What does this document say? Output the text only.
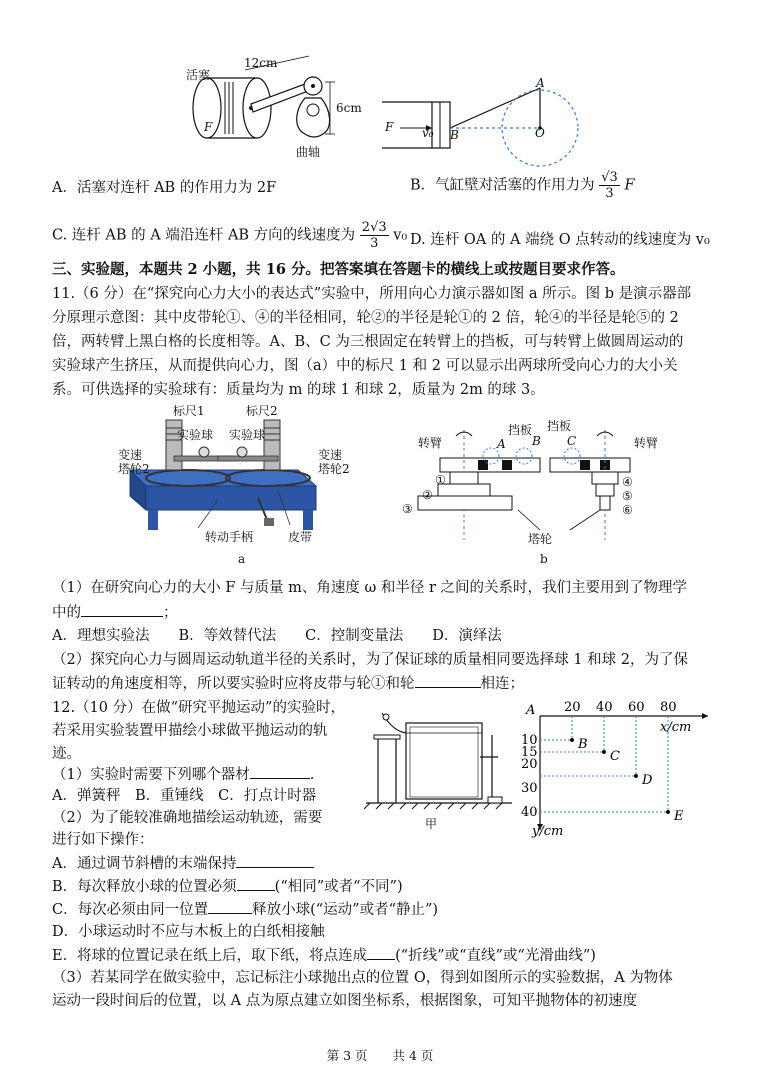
活塞
12cm
6cm
F
曲轴
F v₀ B
A
O
A．活塞对连杆 AB 的作用力为 2F	B．气缸壁对活塞的作用力为 $\frac{√3}{3}$ F
C. 连杆 AB 的 A 端沿连杆 AB 方向的线速度为 $\frac{2√3}{3} v_0$ D. 连杆 OA 的 A 端绕 O 点转动的线速度为 v₀
三、实验题，本题共 2 小题，共 16 分。把答案填在答题卡的横线上或按题目要求作答。
11.（6 分）在“探究向心力大小的表达式”实验中，所用向心力演示器如图 a 所示。图 b 是演示器部
分原理示意图：其中皮带轮①、④的半径相同，轮②的半径是轮①的 2 倍，轮④的半径是轮⑤的 2
倍，两转臂上黑白格的长度相等。A、B、C 为三根固定在转臂上的挡板，可与转臂上做圆周运动的
实验球产生挤压，从而提供向心力，图（a）中的标尺 1 和 2 可以显示出两球所受向心力的大小关
系。可供选择的实验球有：质量均为 m 的球 1 和球 2，质量为 2m 的球 3。
标尺1	标尺2
实验球 实验球
变速
塔轮2
变速
塔轮2
转动手柄	皮带
a
转臂	转臂
挡板 挡板
A B C
①
②
③
④
⑤
⑥
塔轮
b
（1）在研究向心力的大小 F 与质量 m、角速度 ω 和半径 r 之间的关系时，我们主要用到了物理学
中的	；
A．理想实验法　　B．等效替代法　　C．控制变量法　　D．演绎法
（2）探究向心力与圆周运动轨道半径的关系时，为了保证球的质量相同要选择球 1 和球 2，为了保
证转动的角速度相等，所以要实验时应将皮带与轮①和轮	相连；
12.（10 分）在做“研究平抛运动”的实验时，
若采用实验装置甲描绘小球做平抛运动的轨
迹。
（1）实验时需要下列哪个器材	.
A．弹簧秤　B．重锤线　C．打点计时器
（2）为了能较准确地描绘运动轨迹，需要
进行如下操作：
A．通过调节斜槽的末端保持
B．每次释放小球的位置必须	(“相同”或者“不同”)
C．每次必须由同一位置	释放小球(“运动”或者“静止”)
D．小球运动时不应与木板上的白纸相接触
E．将球的位置记录在纸上后，取下纸，将点连成 (“折线”或“直线”或“光滑曲线”)
（3）若某同学在做实验中，忘记标注小球抛出点的位置 O，得到如图所示的实验数据，A 为物体
运动一段时间后的位置，以 A 点为原点建立如图坐标系，根据图象，可知平抛物体的初速度
甲
A 20 40 60 80
x/cm
10
15
20
30
40
y/cm
B
C
D
E
第 3 页　　共 4 页
